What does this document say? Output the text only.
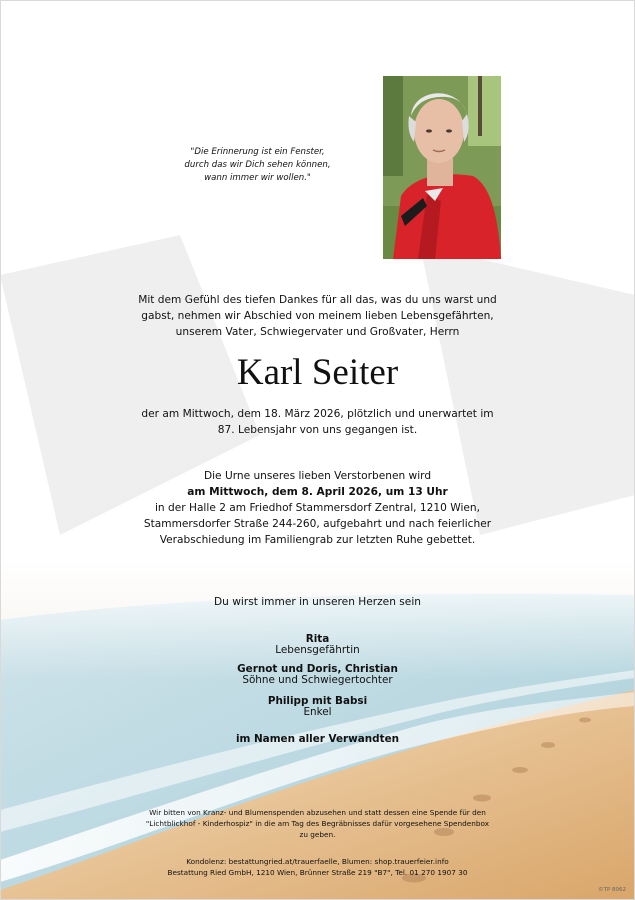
"Die Erinnerung ist ein Fenster,
durch das wir Dich sehen können,
wann immer wir wollen."
Mit dem Gefühl des tiefen Dankes für all das, was du uns warst und
gabst, nehmen wir Abschied von meinem lieben Lebensgefährten,
unserem Vater, Schwiegervater und Großvater, Herrn
Karl Seiter
der am Mittwoch, dem 18. März 2026, plötzlich und unerwartet im
87. Lebensjahr von uns gegangen ist.
Die Urne unseres lieben Verstorbenen wird
am Mittwoch, dem 8. April 2026, um 13 Uhr
in der Halle 2 am Friedhof Stammersdorf Zentral, 1210 Wien,
Stammersdorfer Straße 244-260, aufgebahrt und nach feierlicher
Verabschiedung im Familiengrab zur letzten Ruhe gebettet.
Du wirst immer in unseren Herzen sein
Rita
Lebensgefährtin
Gernot und Doris, Christian
Söhne und Schwiegertochter
Philipp mit Babsi
Enkel
im Namen aller Verwandten
Wir bitten von Kranz- und Blumenspenden abzusehen und statt dessen eine Spende für den
"Lichtblickhof - Kinderhospiz" in die am Tag des Begräbnisses dafür vorgesehene Spendenbox
zu geben.
Kondolenz: bestattungried.at/trauerfaelle, Blumen: shop.trauerfeier.info
Bestattung Ried GmbH, 1210 Wien, Brünner Straße 219 "B7", Tel. 01 270 1907 30
©TP 8062
